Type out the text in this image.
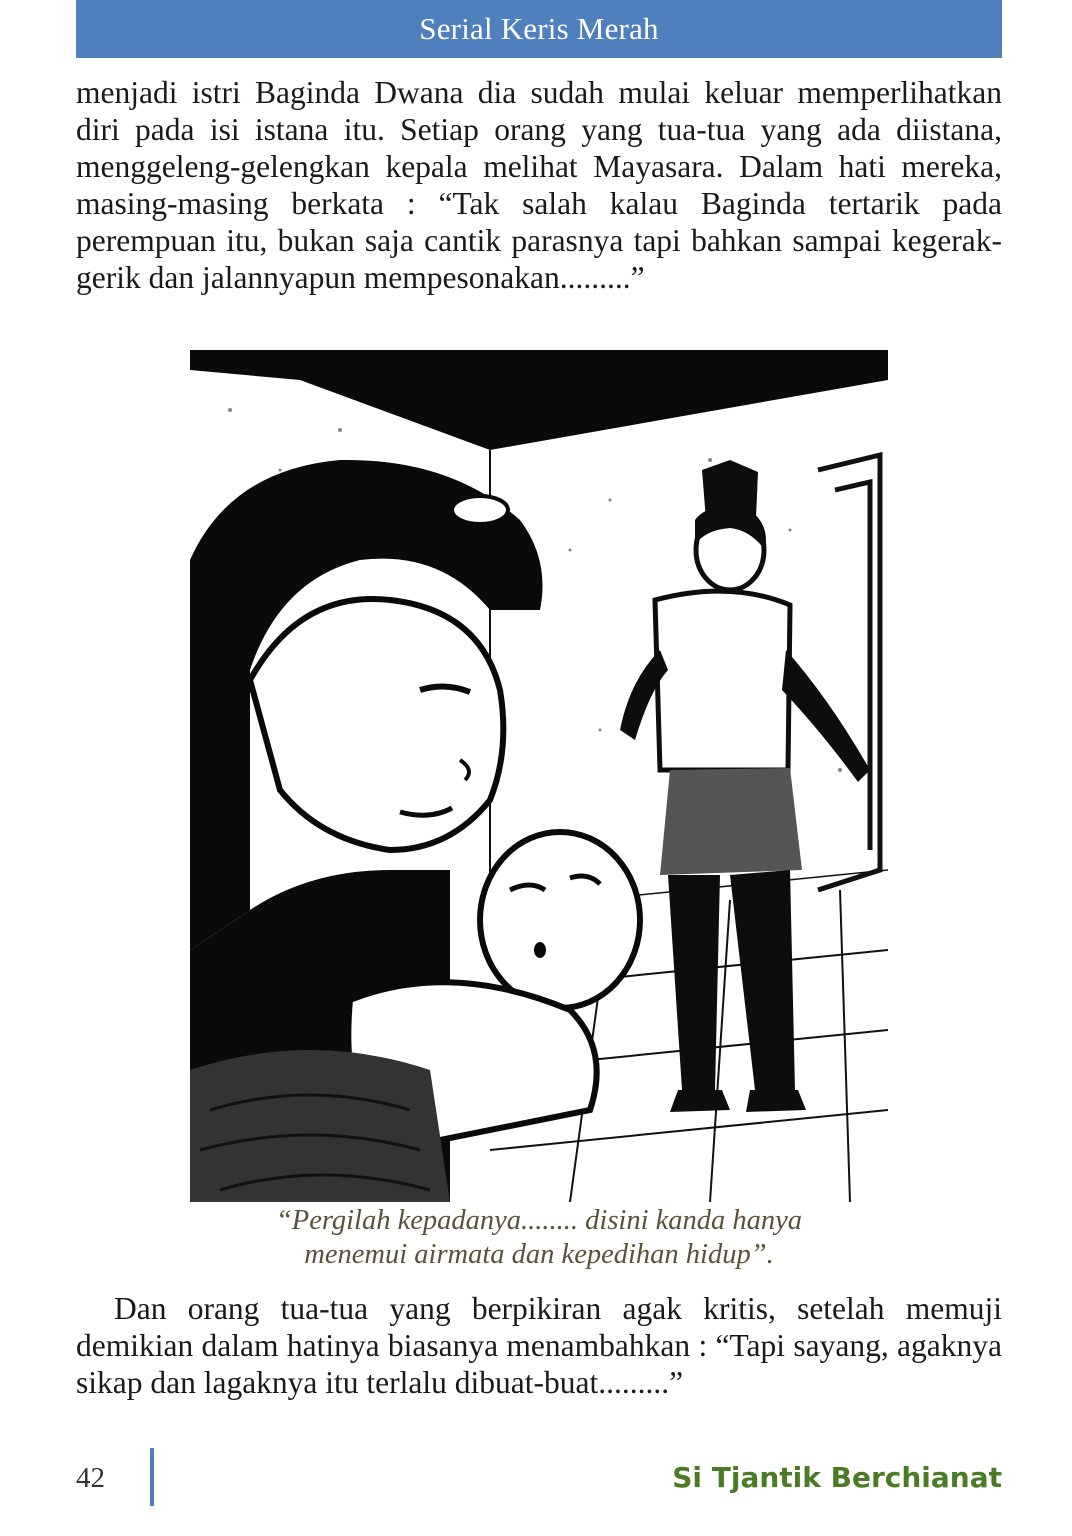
Serial Keris Merah

menjadi istri Baginda Dwana dia sudah mulai keluar memperlihatkan diri pada isi istana itu. Setiap orang yang tua-tua yang ada diistana, menggeleng-gelengkan kepala melihat Mayasara. Dalam hati mereka, masing-masing berkata : “Tak salah kalau Baginda tertarik pada perempuan itu, bukan saja cantik parasnya tapi bahkan sampai kegerak-gerik dan jalannyapun mempesonakan.........”

“Pergilah kepadanya........ disini kanda hanya
menemui airmata dan kepedihan hidup”.

Dan orang tua-tua yang berpikiran agak kritis, setelah memuji demikian dalam hatinya biasanya menambahkan : “Tapi sayang, agaknya sikap dan lagaknya itu terlalu dibuat-buat.........”

42	Si Tjantik Berchianat
